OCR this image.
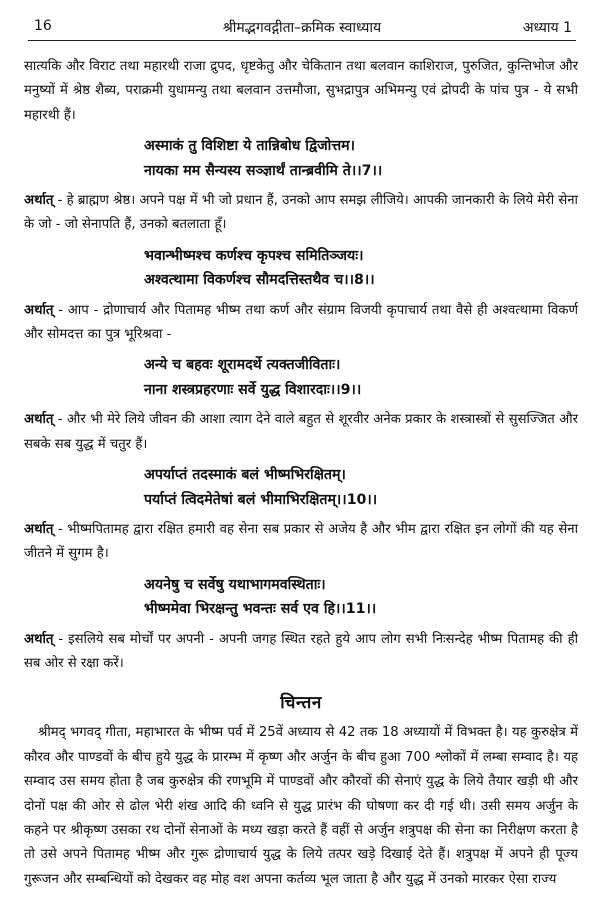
16	श्रीमद्भगवद्गीता–क्रमिक स्वाध्याय	अध्याय 1

सात्यकि और विराट तथा महारथी राजा द्रुपद, धृष्टकेतु और चेकितान तथा बलवान काशिराज, पुरुजित, कुन्तिभोज और मनुष्यों में श्रेष्ठ शैब्य, पराक्रमी युधामन्यु तथा बलवान उत्तमौजा, सुभद्रापुत्र अभिमन्यु एवं द्रोपदी के पांच पुत्र - ये सभी महारथी हैं।

अस्माकं तु विशिष्टा ये तान्निबोध द्विजोत्तम।
नायका मम सैन्यस्य सञ्ज्ञार्थं तान्ब्रवीमि ते।।7।।

अर्थात् - हे ब्राह्मण श्रेष्ठ। अपने पक्ष में भी जो प्रधान हैं, उनको आप समझ लीजिये। आपकी जानकारी के लिये मेरी सेना के जो - जो सेनापति हैं, उनको बतलाता हूँ।

भवान्भीष्मश्च कर्णश्च कृपश्च समितिञ्जयः।
अश्वत्थामा विकर्णश्च सौमदत्तिस्तथैव च।।8।।

अर्थात् - आप - द्रोणाचार्य और पितामह भीष्म तथा कर्ण और संग्राम विजयी कृपाचार्य तथा वैसे ही अश्वत्थामा विकर्ण और सोमदत्त का पुत्र भूरिश्रवा -

अन्ये च बहवः शूरामदर्थे त्यक्तजीविताः।
नाना शस्त्रप्रहरणाः सर्वे युद्ध विशारदाः।।9।।

अर्थात् - और भी मेरे लिये जीवन की आशा त्याग देने वाले बहुत से शूरवीर अनेक प्रकार के शस्त्रास्त्रों से सुसज्जित और सबके सब युद्ध में चतुर हैं।

अपर्याप्तं तदस्माकं बलं भीष्मभिरक्षितम्।
पर्याप्तं त्विदमेतेषां बलं भीमाभिरक्षितम्।।10।।

अर्थात् - भीष्मपितामह द्वारा रक्षित हमारी वह सेना सब प्रकार से अजेय है और भीम द्वारा रक्षित इन लोगों की यह सेना जीतने में सुगम है।

अयनेषु च सर्वेषु यथाभागमवस्थिताः।
भीष्ममेवा भिरक्षन्तु भवन्तः सर्व एव हि।।11।।

अर्थात् - इसलिये सब मोर्चों पर अपनी - अपनी जगह स्थित रहते हुये आप लोग सभी निःसन्देह भीष्म पितामह की ही सब ओर से रक्षा करें।

चिन्तन

श्रीमद् भगवद् गीता, महाभारत के भीष्म पर्व में 25वें अध्याय से 42 तक 18 अध्यायों में विभक्त है। यह कुरुक्षेत्र में कौरव और पाण्डवों के बीच हुये युद्ध के प्रारम्भ में कृष्ण और अर्जुन के बीच हुआ 700 श्लोकों में लम्बा सम्वाद है। यह सम्वाद उस समय होता है जब कुरुक्षेत्र की रणभूमि में पाण्डवों और कौरवों की सेनाएं युद्ध के लिये तैयार खड़ी थी और दोनों पक्ष की ओर से ढोल भेरी शंख आदि की ध्वनि से युद्ध प्रारंभ की घोषणा कर दी गई थी। उसी समय अर्जुन के कहने पर श्रीकृष्ण उसका रथ दोनों सेनाओं के मध्य खड़ा करते हैं वहीं से अर्जुन शत्रुपक्ष की सेना का निरीक्षण करता है तो उसे अपने पितामह भीष्म और गुरू द्रोणाचार्य युद्ध के लिये तत्पर खड़े दिखाई देते हैं। शत्रुपक्ष में अपने ही पूज्य गुरूजन और सम्बन्धियों को देखकर वह मोह वश अपना कर्तव्य भूल जाता है और युद्ध में उनको मारकर ऐसा राज्य
